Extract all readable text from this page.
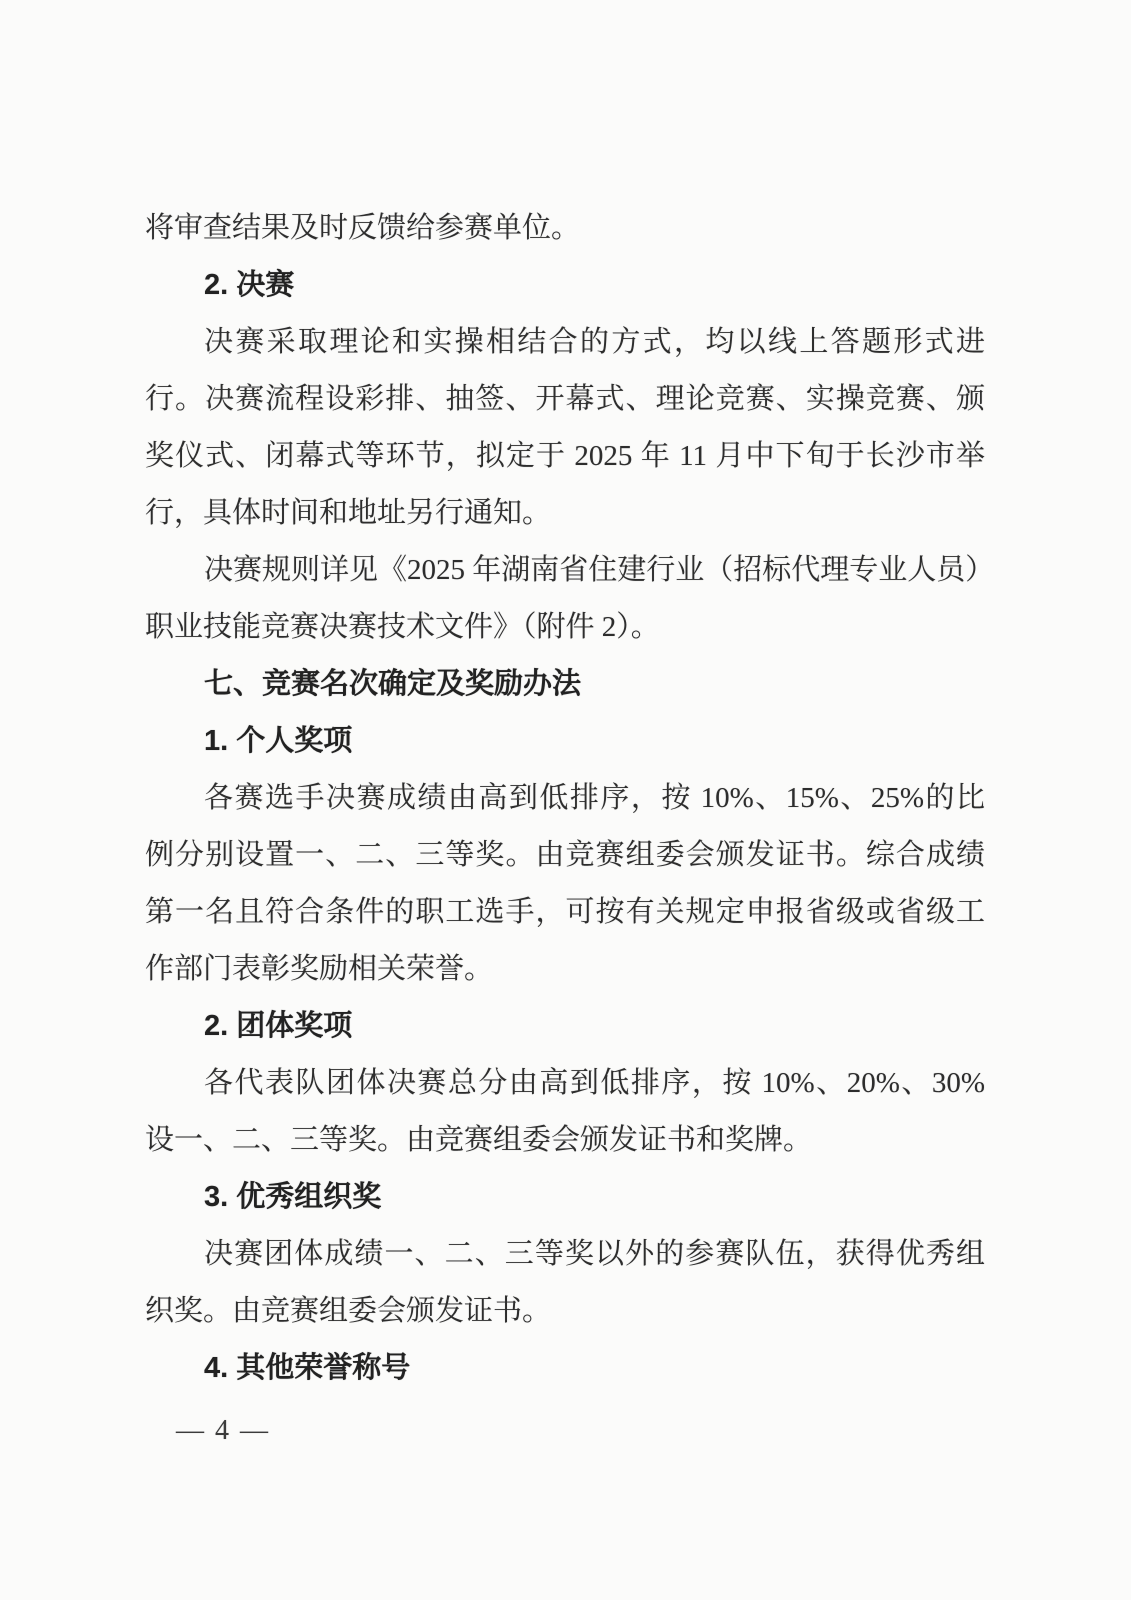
将审查结果及时反馈给参赛单位。
2. 决赛
决赛采取理论和实操相结合的方式，均以线上答题形式进
行。决赛流程设彩排、抽签、开幕式、理论竞赛、实操竞赛、颁
奖仪式、闭幕式等环节，拟定于 2025 年 11 月中下旬于长沙市举
行，具体时间和地址另行通知。
决赛规则详见《2025 年湖南省住建行业（招标代理专业人员）
职业技能竞赛决赛技术文件》（附件 2）。
七、竞赛名次确定及奖励办法
1. 个人奖项
各赛选手决赛成绩由高到低排序，按 10%、15%、25%的比
例分别设置一、二、三等奖。由竞赛组委会颁发证书。综合成绩
第一名且符合条件的职工选手，可按有关规定申报省级或省级工
作部门表彰奖励相关荣誉。
2. 团体奖项
各代表队团体决赛总分由高到低排序，按 10%、20%、30%
设一、二、三等奖。由竞赛组委会颁发证书和奖牌。
3. 优秀组织奖
决赛团体成绩一、二、三等奖以外的参赛队伍，获得优秀组
织奖。由竞赛组委会颁发证书。
4. 其他荣誉称号
— 4 —
